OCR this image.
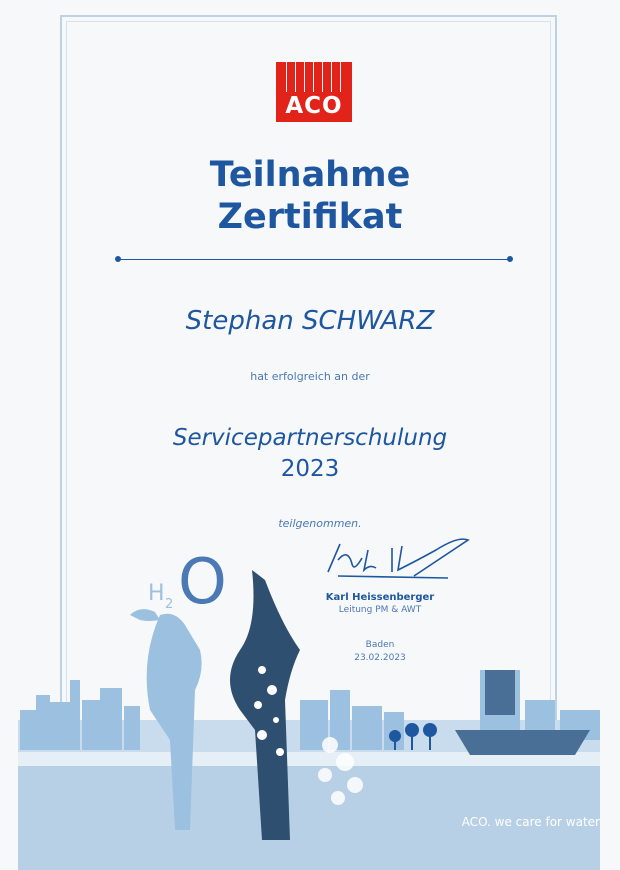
ACO
Teilnahme
Zertifikat
Stephan SCHWARZ
hat erfolgreich an der
Servicepartnerschulung
2023
teilgenommen.
H 2 O	Karl Heissenberger
Leitung PM & AWT
Baden
23.02.2023
ACO. we care for water
